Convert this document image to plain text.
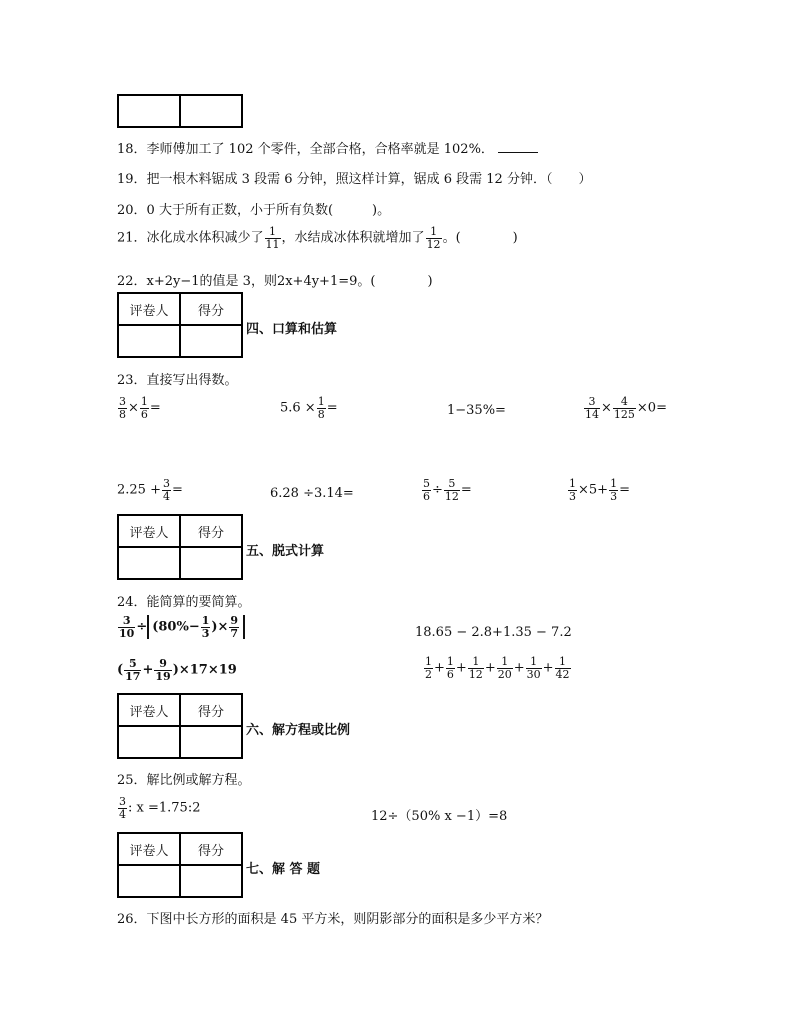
18．李师傅加工了 102 个零件，全部合格，合格率就是 102%．
19．把一根木料锯成 3 段需 6 分钟，照这样计算，锯成 6 段需 12 分钟．（　　）
20．0 大于所有正数，小于所有负数(　　　)。
21．冰化成水体积减少了 $\frac{1}{11}$ ，水结成冰体积就增加了 $\frac{1}{12}$ 。(　　　　)
22．x+2y−1的值是 3，则2x+4y+1=9。(　　　　)
评卷人	得分

四、口算和估算
23．直接写出得数。
$\frac{3}{8} \times \frac{1}{6}$ =	$5.6 \times \frac{1}{8}$ =	1−35%=	$\frac{3}{14} \times \frac{4}{125} \times 0=$
$2.25 + \frac{3}{4}$ =	6.28 ÷3.14=	$\frac{5}{6} \div \frac{5}{12}$ =	$\frac{1}{3} \times 5+ \frac{1}{3}$ =
评卷人	得分

五、脱式计算
24．能简算的要简算。
$\frac{3}{10} \div (80\%- \frac{1}{3}$ )× $\frac{9}{7}$	18.65 − 2.8+1.35 − 7.2
( $\frac{5}{17} + \frac{9}{19} )\times 17\times 19$	$\frac{1}{2} + \frac{1}{6} + \frac{1}{12} + \frac{1}{20} + \frac{1}{30} + \frac{1}{42}$
评卷人	得分

六、解方程或比例
25．解比例或解方程。
$\frac{3}{4}$ : x =1.75:2
12÷（50% x −1）=8
评卷人	得分

七、解 答 题
26．下图中长方形的面积是 45 平方米，则阴影部分的面积是多少平方米？
